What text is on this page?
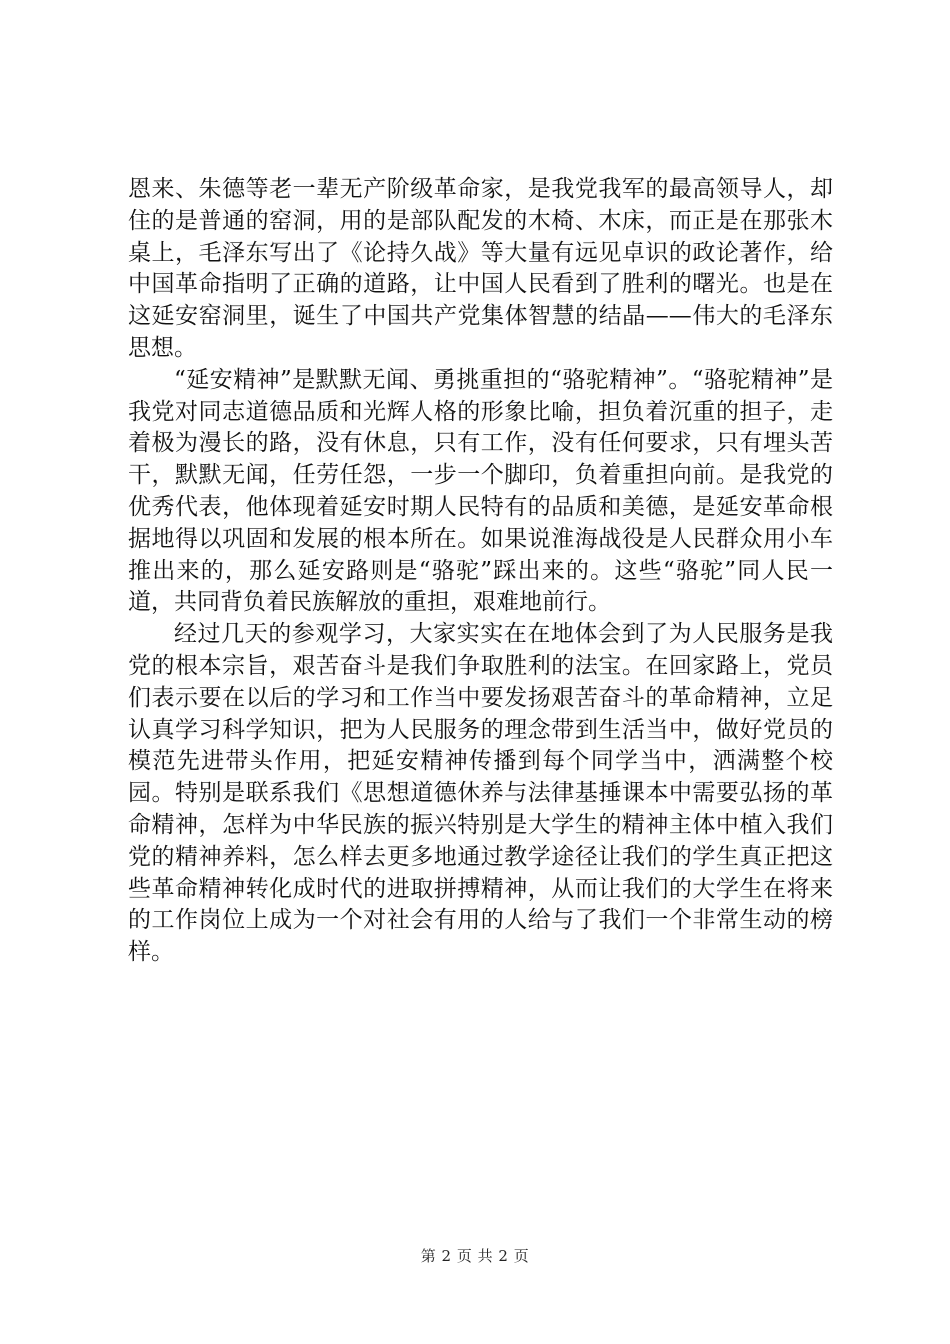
恩来、朱德等老一辈无产阶级革命家，是我党我军的最高领导人，却住的是普通的窑洞，用的是部队配发的木椅、木床，而正是在那张木桌上，毛泽东写出了《论持久战》等大量有远见卓识的政论著作，给中国革命指明了正确的道路，让中国人民看到了胜利的曙光。也是在这延安窑洞里，诞生了中国共产党集体智慧的结晶——伟大的毛泽东思想。

“延安精神”是默默无闻、勇挑重担的“骆驼精神”。“骆驼精神”是我党对同志道德品质和光辉人格的形象比喻，担负着沉重的担子，走着极为漫长的路，没有休息，只有工作，没有任何要求，只有埋头苦干，默默无闻，任劳任怨，一步一个脚印，负着重担向前。是我党的优秀代表，他体现着延安时期人民特有的品质和美德，是延安革命根据地得以巩固和发展的根本所在。如果说淮海战役是人民群众用小车推出来的，那么延安路则是“骆驼”踩出来的。这些“骆驼”同人民一道，共同背负着民族解放的重担，艰难地前行。

经过几天的参观学习，大家实实在在地体会到了为人民服务是我党的根本宗旨，艰苦奋斗是我们争取胜利的法宝。在回家路上，党员们表示要在以后的学习和工作当中要发扬艰苦奋斗的革命精神，立足认真学习科学知识，把为人民服务的理念带到生活当中，做好党员的模范先进带头作用，把延安精神传播到每个同学当中，洒满整个校园。特别是联系我们《思想道德休养与法律基捶课本中需要弘扬的革命精神，怎样为中华民族的振兴特别是大学生的精神主体中植入我们党的精神养料，怎么样去更多地通过教学途径让我们的学生真正把这些革命精神转化成时代的进取拼搏精神，从而让我们的大学生在将来的工作岗位上成为一个对社会有用的人给与了我们一个非常生动的榜样。

第 2 页 共 2 页
